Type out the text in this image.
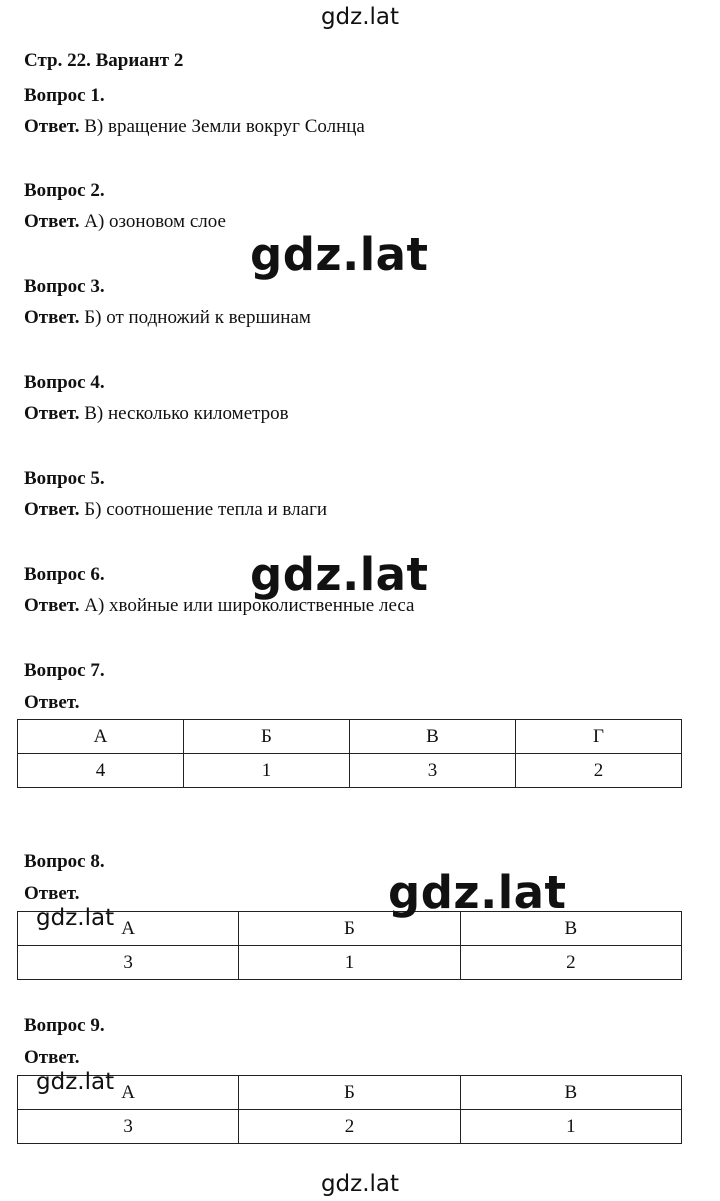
gdz.lat
Стр. 22. Вариант 2
Вопрос 1.
Ответ. В) вращение Земли вокруг Солнца
Вопрос 2.
Ответ. А) озоновом слое
gdz.lat
Вопрос 3.
Ответ. Б) от подножий к вершинам
Вопрос 4.
Ответ. В) несколько километров
Вопрос 5.
Ответ. Б) соотношение тепла и влаги
Вопрос 6.
Ответ. А) хвойные или широколиственные леса
gdz.lat
Вопрос 7.
Ответ.
А	Б	В	Г
4	1	3	2
Вопрос 8.
Ответ.
А	Б	В
3	1	2
gdz.lat
gdz.lat
Вопрос 9.
Ответ.
А	Б	В
3	2	1
gdz.lat
gdz.lat
